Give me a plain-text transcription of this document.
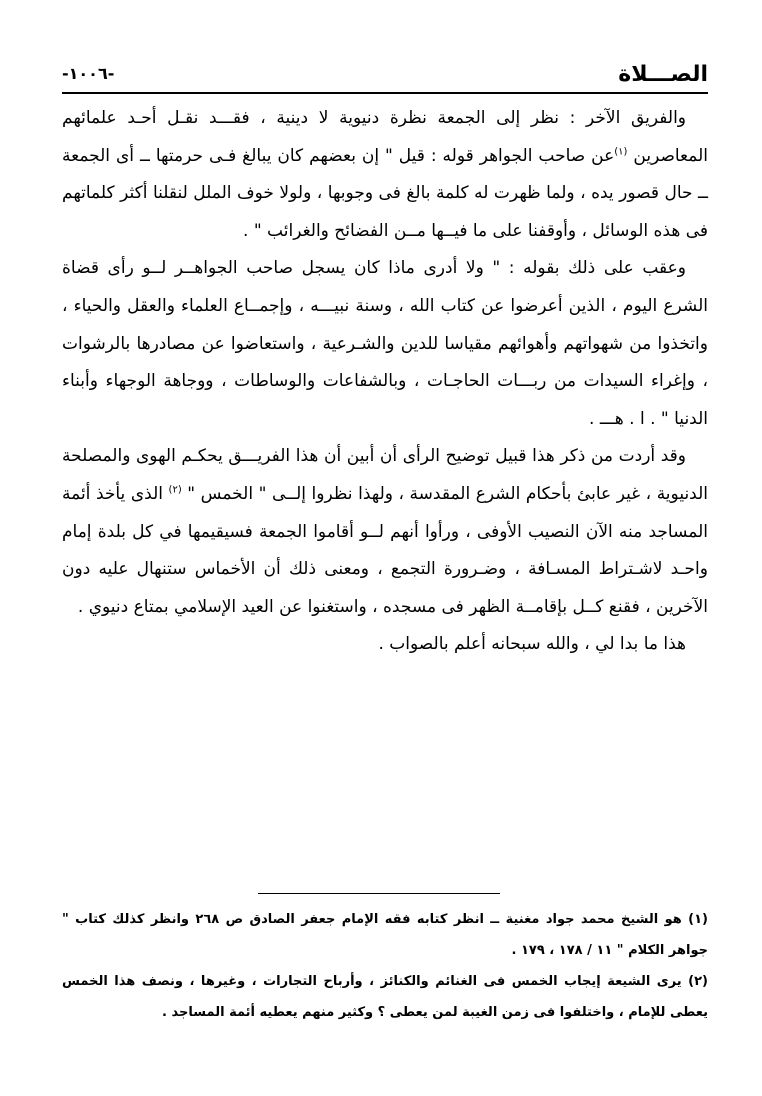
الصـــلاة
-١٠٠٦-

والفريق الآخر : نظر إلى الجمعة نظرة دنيوية لا دينية ، فقـــد نقـل أحـد علمائهم المعاصرين $^{(١)}$عن صاحب الجواهر قوله : قيل " إن بعضهم كان يبالغ فـى حرمتها ــ أى الجمعة ــ حال قصور يده ، ولما ظهرت له كلمة بالغ فى وجوبها ، ولولا خوف الملل لنقلنا أكثر كلماتهم فى هذه الوسائل ، وأوقفنا على ما فيــها مــن الفضائح والغرائب " .

وعقب على ذلك بقوله : " ولا أدرى ماذا كان يسجل صاحب الجواهــر لــو رأى قضاة الشرع اليوم ، الذين أعرضوا عن كتاب الله ، وسنة نبيـــه ، وإجمــاع العلماء والعقل والحياء ، واتخذوا من شهواتهم وأهوائهم مقياسا للدين والشـرعية ، واستعاضوا عن مصادرها بالرشوات ، وإغراء السيدات من ربـــات الحاجـات ، وبالشفاعات والوساطات ، ووجاهة الوجهاء وأبناء الدنيا " . ا . هـــ .

وقد أردت من ذكر هذا قبيل توضيح الرأى أن أبين أن هذا الفريـــق يحكـم الهوى والمصلحة الدنيوية ، غير عابئ بأحكام الشرع المقدسة ، ولهذا نظروا إلــى " الخمس " $^{(٢)}$ الذى يأخذ أئمة المساجد منه الآن النصيب الأوفى ، ورأوا أنهم لــو أقاموا الجمعة فسيقيمها في كل بلدة إمام واحـد لاشـتراط المسـافة ، وضـرورة التجمع ، ومعنى ذلك أن الأخماس ستنهال عليه دون الآخرين ، فقنع كــل بإقامــة الظهر فى مسجده ، واستغنوا عن العيد الإسلامي بمتاع دنيوي .

هذا ما بدا لي ، والله سبحانه أعلم بالصواب .

(١) هو الشيخ محمد جواد مغنية ــ انظر كتابه فقه الإمام جعفر الصادق ص ٢٦٨ وانظر كذلك كتاب " جواهر الكلام " ١١ / ١٧٨ ، ١٧٩ .

(٢) يرى الشيعة إيجاب الخمس فى الغنائم والكنائز ، وأرباح التجارات ، وغيرها ، ونصف هذا الخمس يعطى للإمام ، واختلفوا فى زمن الغيبة لمن يعطى ؟ وكثير منهم يعطيه أئمة المساجد .
